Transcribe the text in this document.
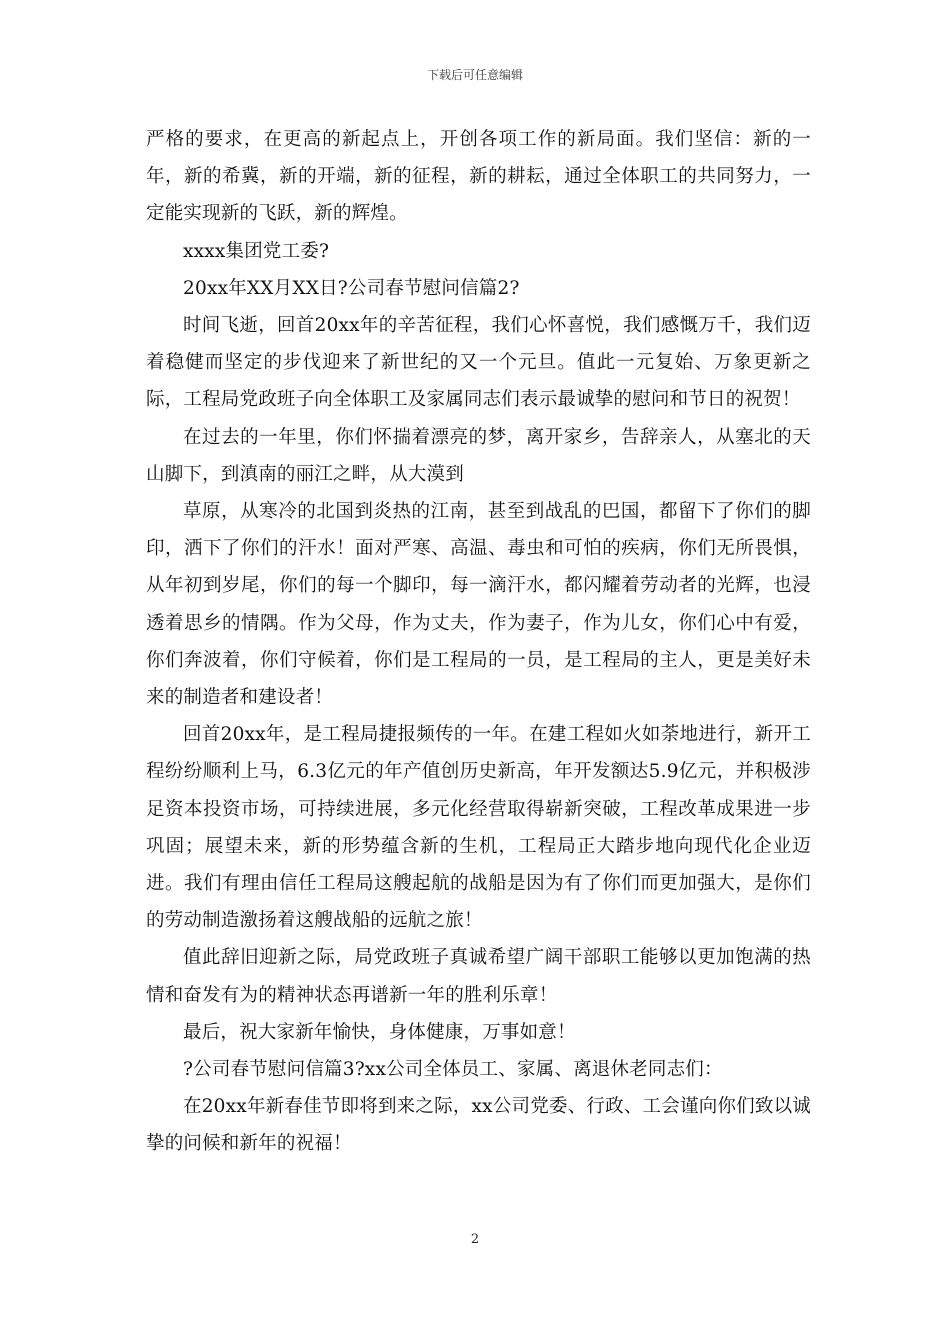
下载后可任意编辑

严格的要求，在更高的新起点上，开创各项工作的新局面。我们坚信：新的一年，新的希冀，新的开端，新的征程，新的耕耘，通过全体职工的共同努力，一定能实现新的飞跃，新的辉煌。

xxxx集团党工委?

20xx年XX月XX日?公司春节慰问信篇2?

时间飞逝，回首20xx年的辛苦征程，我们心怀喜悦，我们感慨万千，我们迈着稳健而坚定的步伐迎来了新世纪的又一个元旦。值此一元复始、万象更新之际，工程局党政班子向全体职工及家属同志们表示最诚挚的慰问和节日的祝贺！

在过去的一年里，你们怀揣着漂亮的梦，离开家乡，告辞亲人，从塞北的天山脚下，到滇南的丽江之畔，从大漠到

草原，从寒冷的北国到炎热的江南，甚至到战乱的巴国，都留下了你们的脚印，洒下了你们的汗水！面对严寒、高温、毒虫和可怕的疾病，你们无所畏惧，从年初到岁尾，你们的每一个脚印，每一滴汗水，都闪耀着劳动者的光辉，也浸透着思乡的情隅。作为父母，作为丈夫，作为妻子，作为儿女，你们心中有爱，你们奔波着，你们守候着，你们是工程局的一员，是工程局的主人，更是美好未来的制造者和建设者！

回首20xx年，是工程局捷报频传的一年。在建工程如火如荼地进行，新开工程纷纷顺利上马，6.3亿元的年产值创历史新高，年开发额达5.9亿元，并积极涉足资本投资市场，可持续进展，多元化经营取得崭新突破，工程改革成果进一步巩固；展望未来，新的形势蕴含新的生机，工程局正大踏步地向现代化企业迈进。我们有理由信任工程局这艘起航的战船是因为有了你们而更加强大，是你们的劳动制造激扬着这艘战船的远航之旅！

值此辞旧迎新之际，局党政班子真诚希望广阔干部职工能够以更加饱满的热情和奋发有为的精神状态再谱新一年的胜利乐章！

最后，祝大家新年愉快，身体健康，万事如意！

?公司春节慰问信篇3?xx公司全体员工、家属、离退休老同志们：

在20xx年新春佳节即将到来之际，xx公司党委、行政、工会谨向你们致以诚挚的问候和新年的祝福！

2
